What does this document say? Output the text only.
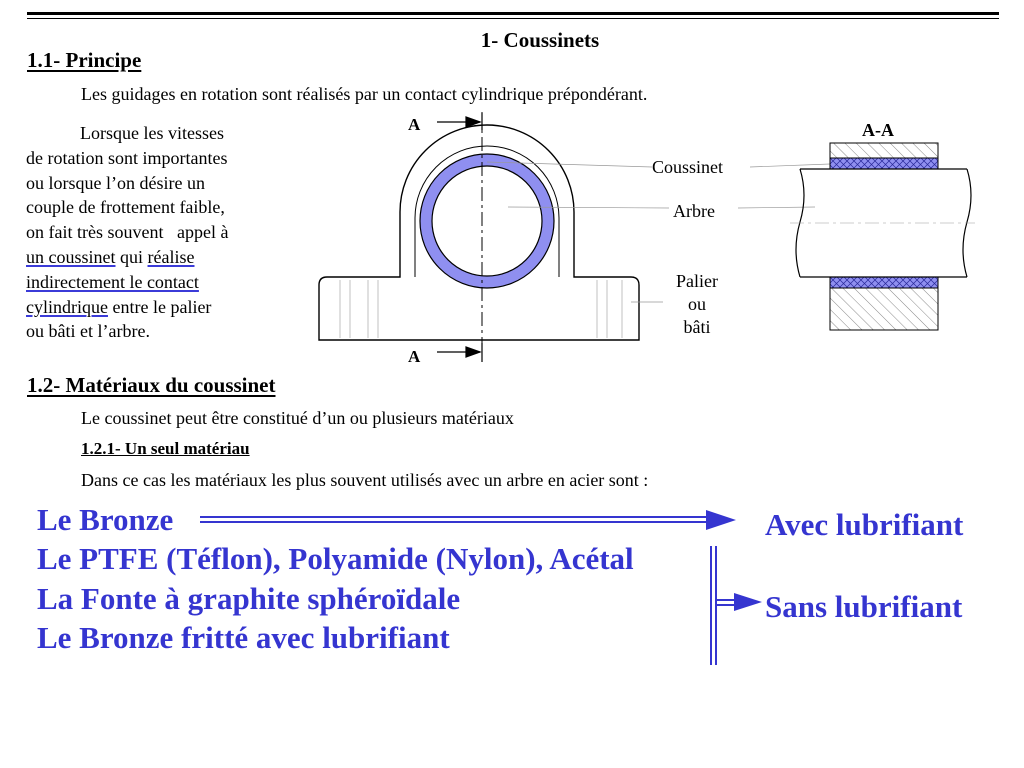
1- Coussinets
1.1- Principe
Les guidages en rotation sont réalisés par un contact cylindrique prépondérant.
Lorsque les vitesses
de rotation sont importantes
ou lorsque l’on désire un
couple de frottement faible,
on fait très souvent   appel à
un coussinet qui réalise
indirectement le contact
cylindrique entre le palier
ou bâti et l’arbre.
A
A
A-A
Coussinet
Arbre
Palier
ou
bâti
1.2- Matériaux du coussinet
Le coussinet peut être constitué d’un ou plusieurs matériaux
1.2.1- Un seul matériau
Dans ce cas les matériaux les plus souvent utilisés avec un arbre en acier sont :
Le Bronze
Le PTFE (Téflon), Polyamide (Nylon), Acétal
La Fonte à graphite sphéroïdale
Le Bronze fritté avec lubrifiant
Avec lubrifiant
Sans lubrifiant
